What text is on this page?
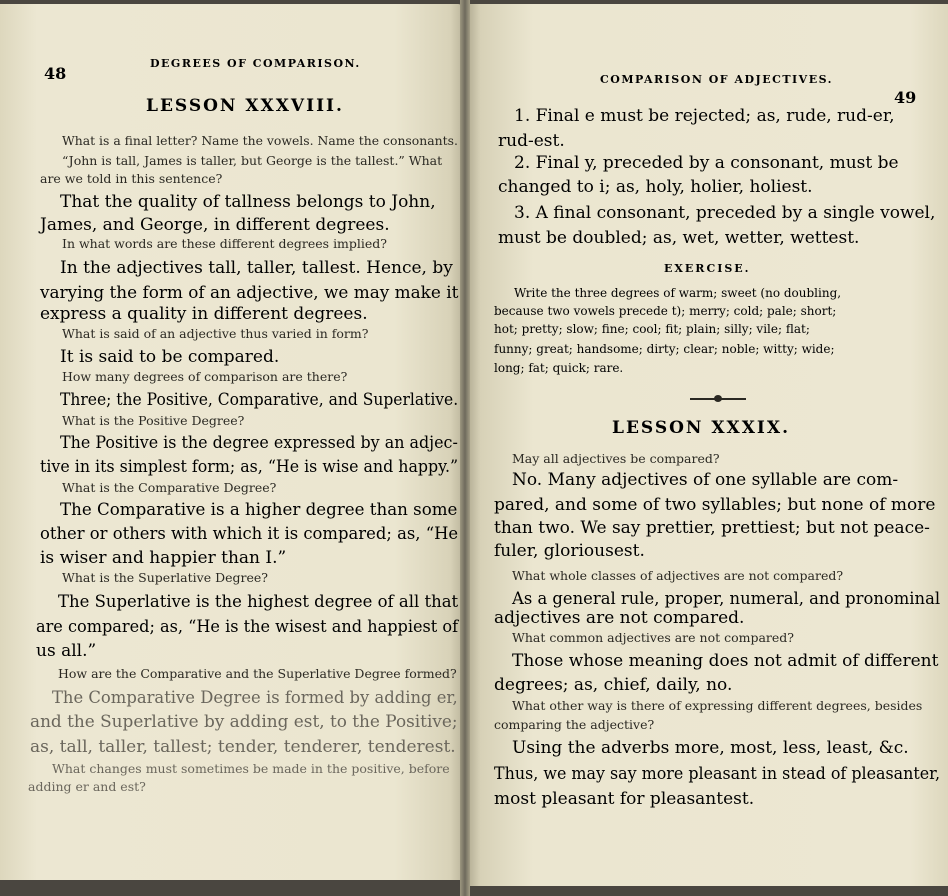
48
DEGREES OF COMPARISON.
LESSON XXXVIII.
What is a final letter? Name the vowels. Name the consonants.
“John is tall, James is taller, but George is the tallest.” What
are we told in this sentence?
That the quality of tallness belongs to John,
James, and George, in different degrees.
In what words are these different degrees implied?
In the adjectives tall, taller, tallest. Hence, by
varying the form of an adjective, we may make it
express a quality in different degrees.
What is said of an adjective thus varied in form?
It is said to be compared.
How many degrees of comparison are there?
Three; the Positive, Comparative, and Superlative.
What is the Positive Degree?
The Positive is the degree expressed by an adjec-
tive in its simplest form; as, “He is wise and happy.”
What is the Comparative Degree?
The Comparative is a higher degree than some
other or others with which it is compared; as, “He
is wiser and happier than I.”
What is the Superlative Degree?
The Superlative is the highest degree of all that
are compared; as, “He is the wisest and happiest of
us all.”
How are the Comparative and the Superlative Degree formed?
The Comparative Degree is formed by adding er,
and the Superlative by adding est, to the Positive;
as, tall, taller, tallest; tender, tenderer, tenderest.
What changes must sometimes be made in the positive, before
adding er and est?
COMPARISON OF ADJECTIVES.
49
1. Final e must be rejected; as, rude, rud-er,
rud-est.
2. Final y, preceded by a consonant, must be
changed to i; as, holy, holier, holiest.
3. A final consonant, preceded by a single vowel,
must be doubled; as, wet, wetter, wettest.
EXERCISE.
Write the three degrees of warm; sweet (no doubling,
because two vowels precede t); merry; cold; pale; short;
hot; pretty; slow; fine; cool; fit; plain; silly; vile; flat;
funny; great; handsome; dirty; clear; noble; witty; wide;
long; fat; quick; rare.
LESSON XXXIX.
May all adjectives be compared?
No. Many adjectives of one syllable are com-
pared, and some of two syllables; but none of more
than two. We say prettier, prettiest; but not peace-
fuler, gloriousest.
What whole classes of adjectives are not compared?
As a general rule, proper, numeral, and pronominal
adjectives are not compared.
What common adjectives are not compared?
Those whose meaning does not admit of different
degrees; as, chief, daily, no.
What other way is there of expressing different degrees, besides
comparing the adjective?
Using the adverbs more, most, less, least, &c.
Thus, we may say more pleasant in stead of pleasanter,
most pleasant for pleasantest.
